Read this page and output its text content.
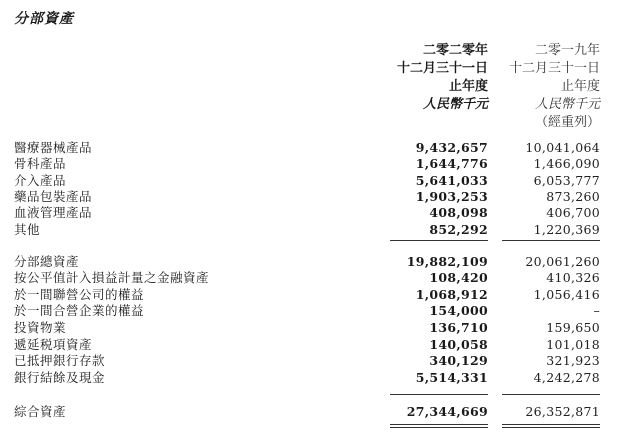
分部資產
二零二零年
十二月三十一日
止年度
人民幣千元
二零一九年
十二月三十一日
止年度
人民幣千元
（經重列）
醫療器械產品	9,432,657	10,041,064
骨科產品	1,644,776	1,466,090
介入產品	5,641,033	6,053,777
藥品包裝產品	1,903,253	873,260
血液管理產品	408,098	406,700
其他	852,292	1,220,369
分部總資產	19,882,109	20,061,260
按公平值計入損益計量之金融資產	108,420	410,326
於一間聯營公司的權益	1,068,912	1,056,416
於一間合營企業的權益	154,000	–
投資物業	136,710	159,650
遞延税項資產	140,058	101,018
已抵押銀行存款	340,129	321,923
銀行結餘及現金	5,514,331	4,242,278
綜合資產	27,344,669	26,352,871
